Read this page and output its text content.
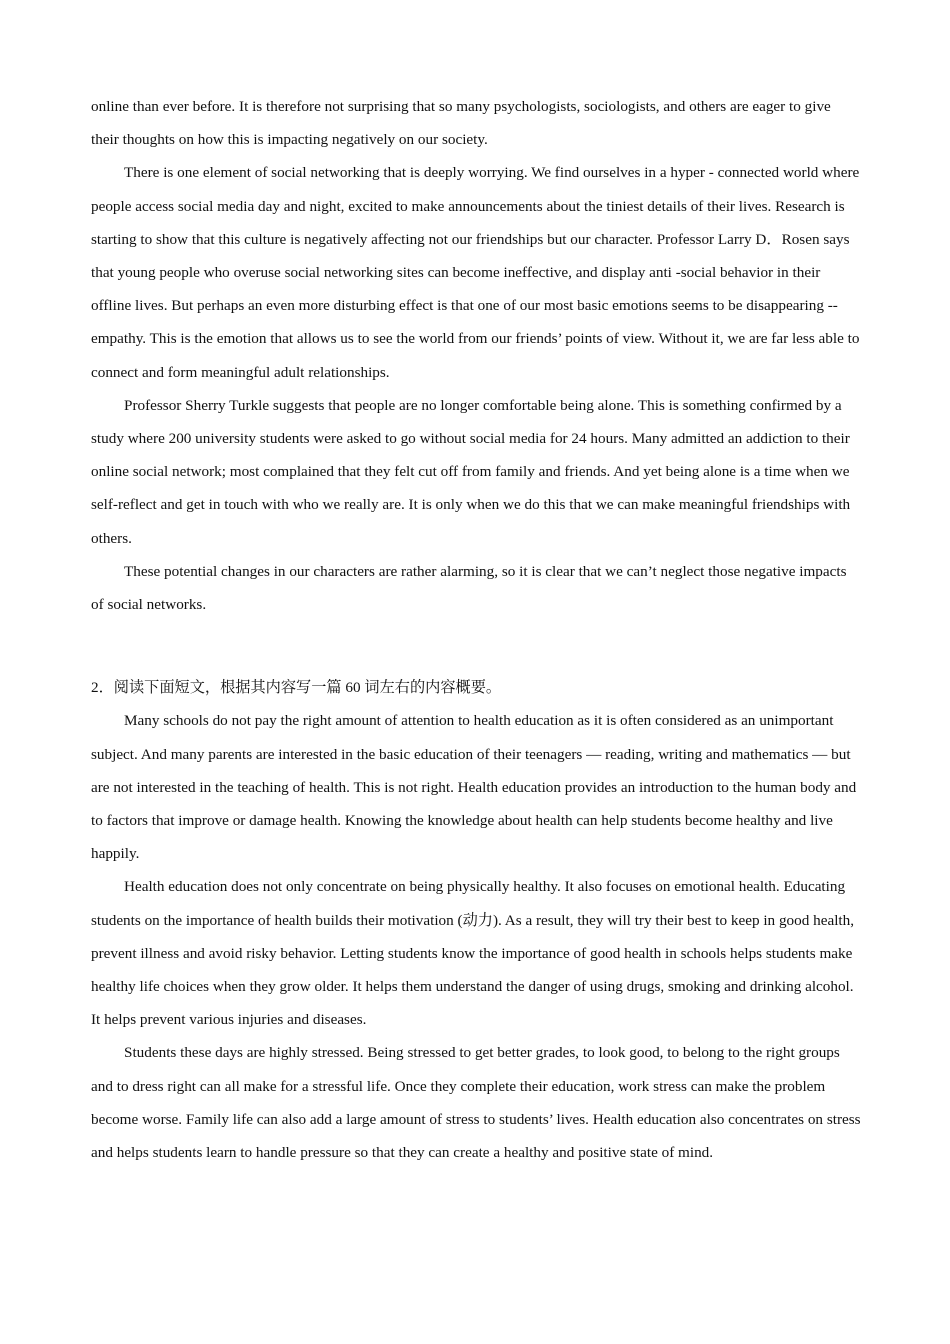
online than ever before. It is therefore not surprising that so many psychologists, sociologists, and others are eager to give their thoughts on how this is impacting negatively on our society.

There is one element of social networking that is deeply worrying. We find ourselves in a hyper - connected world where people access social media day and night, excited to make announcements about the tiniest details of their lives. Research is starting to show that this culture is negatively affecting not our friendships but our character. Professor Larry D．Rosen says that young people who overuse social networking sites can become ineffective, and display anti -social behavior in their offline lives. But perhaps an even more disturbing effect is that one of our most basic emotions seems to be disappearing --empathy. This is the emotion that allows us to see the world from our friends’ points of view. Without it, we are far less able to connect and form meaningful adult relationships.

Professor Sherry Turkle suggests that people are no longer comfortable being alone. This is something confirmed by a study where 200 university students were asked to go without social media for 24 hours. Many admitted an addiction to their online social network; most complained that they felt cut off from family and friends. And yet being alone is a time when we self-reflect and get in touch with who we really are. It is only when we do this that we can make meaningful friendships with others.

These potential changes in our characters are rather alarming, so it is clear that we can’t neglect those negative impacts of social networks.

2．阅读下面短文，根据其内容写一篇 60 词左右的内容概要。

Many schools do not pay the right amount of attention to health education as it is often considered as an unimportant subject. And many parents are interested in the basic education of their teenagers — reading, writing and mathematics — but are not interested in the teaching of health. This is not right. Health education provides an introduction to the human body and to factors that improve or damage health. Knowing the knowledge about health can help students become healthy and live happily.

Health education does not only concentrate on being physically healthy. It also focuses on emotional health. Educating students on the importance of health builds their motivation (动力). As a result, they will try their best to keep in good health, prevent illness and avoid risky behavior. Letting students know the importance of good health in schools helps students make healthy life choices when they grow older. It helps them understand the danger of using drugs, smoking and drinking alcohol. It helps prevent various injuries and diseases.

Students these days are highly stressed. Being stressed to get better grades, to look good, to belong to the right groups and to dress right can all make for a stressful life. Once they complete their education, work stress can make the problem become worse. Family life can also add a large amount of stress to students’ lives. Health education also concentrates on stress and helps students learn to handle pressure so that they can create a healthy and positive state of mind.
